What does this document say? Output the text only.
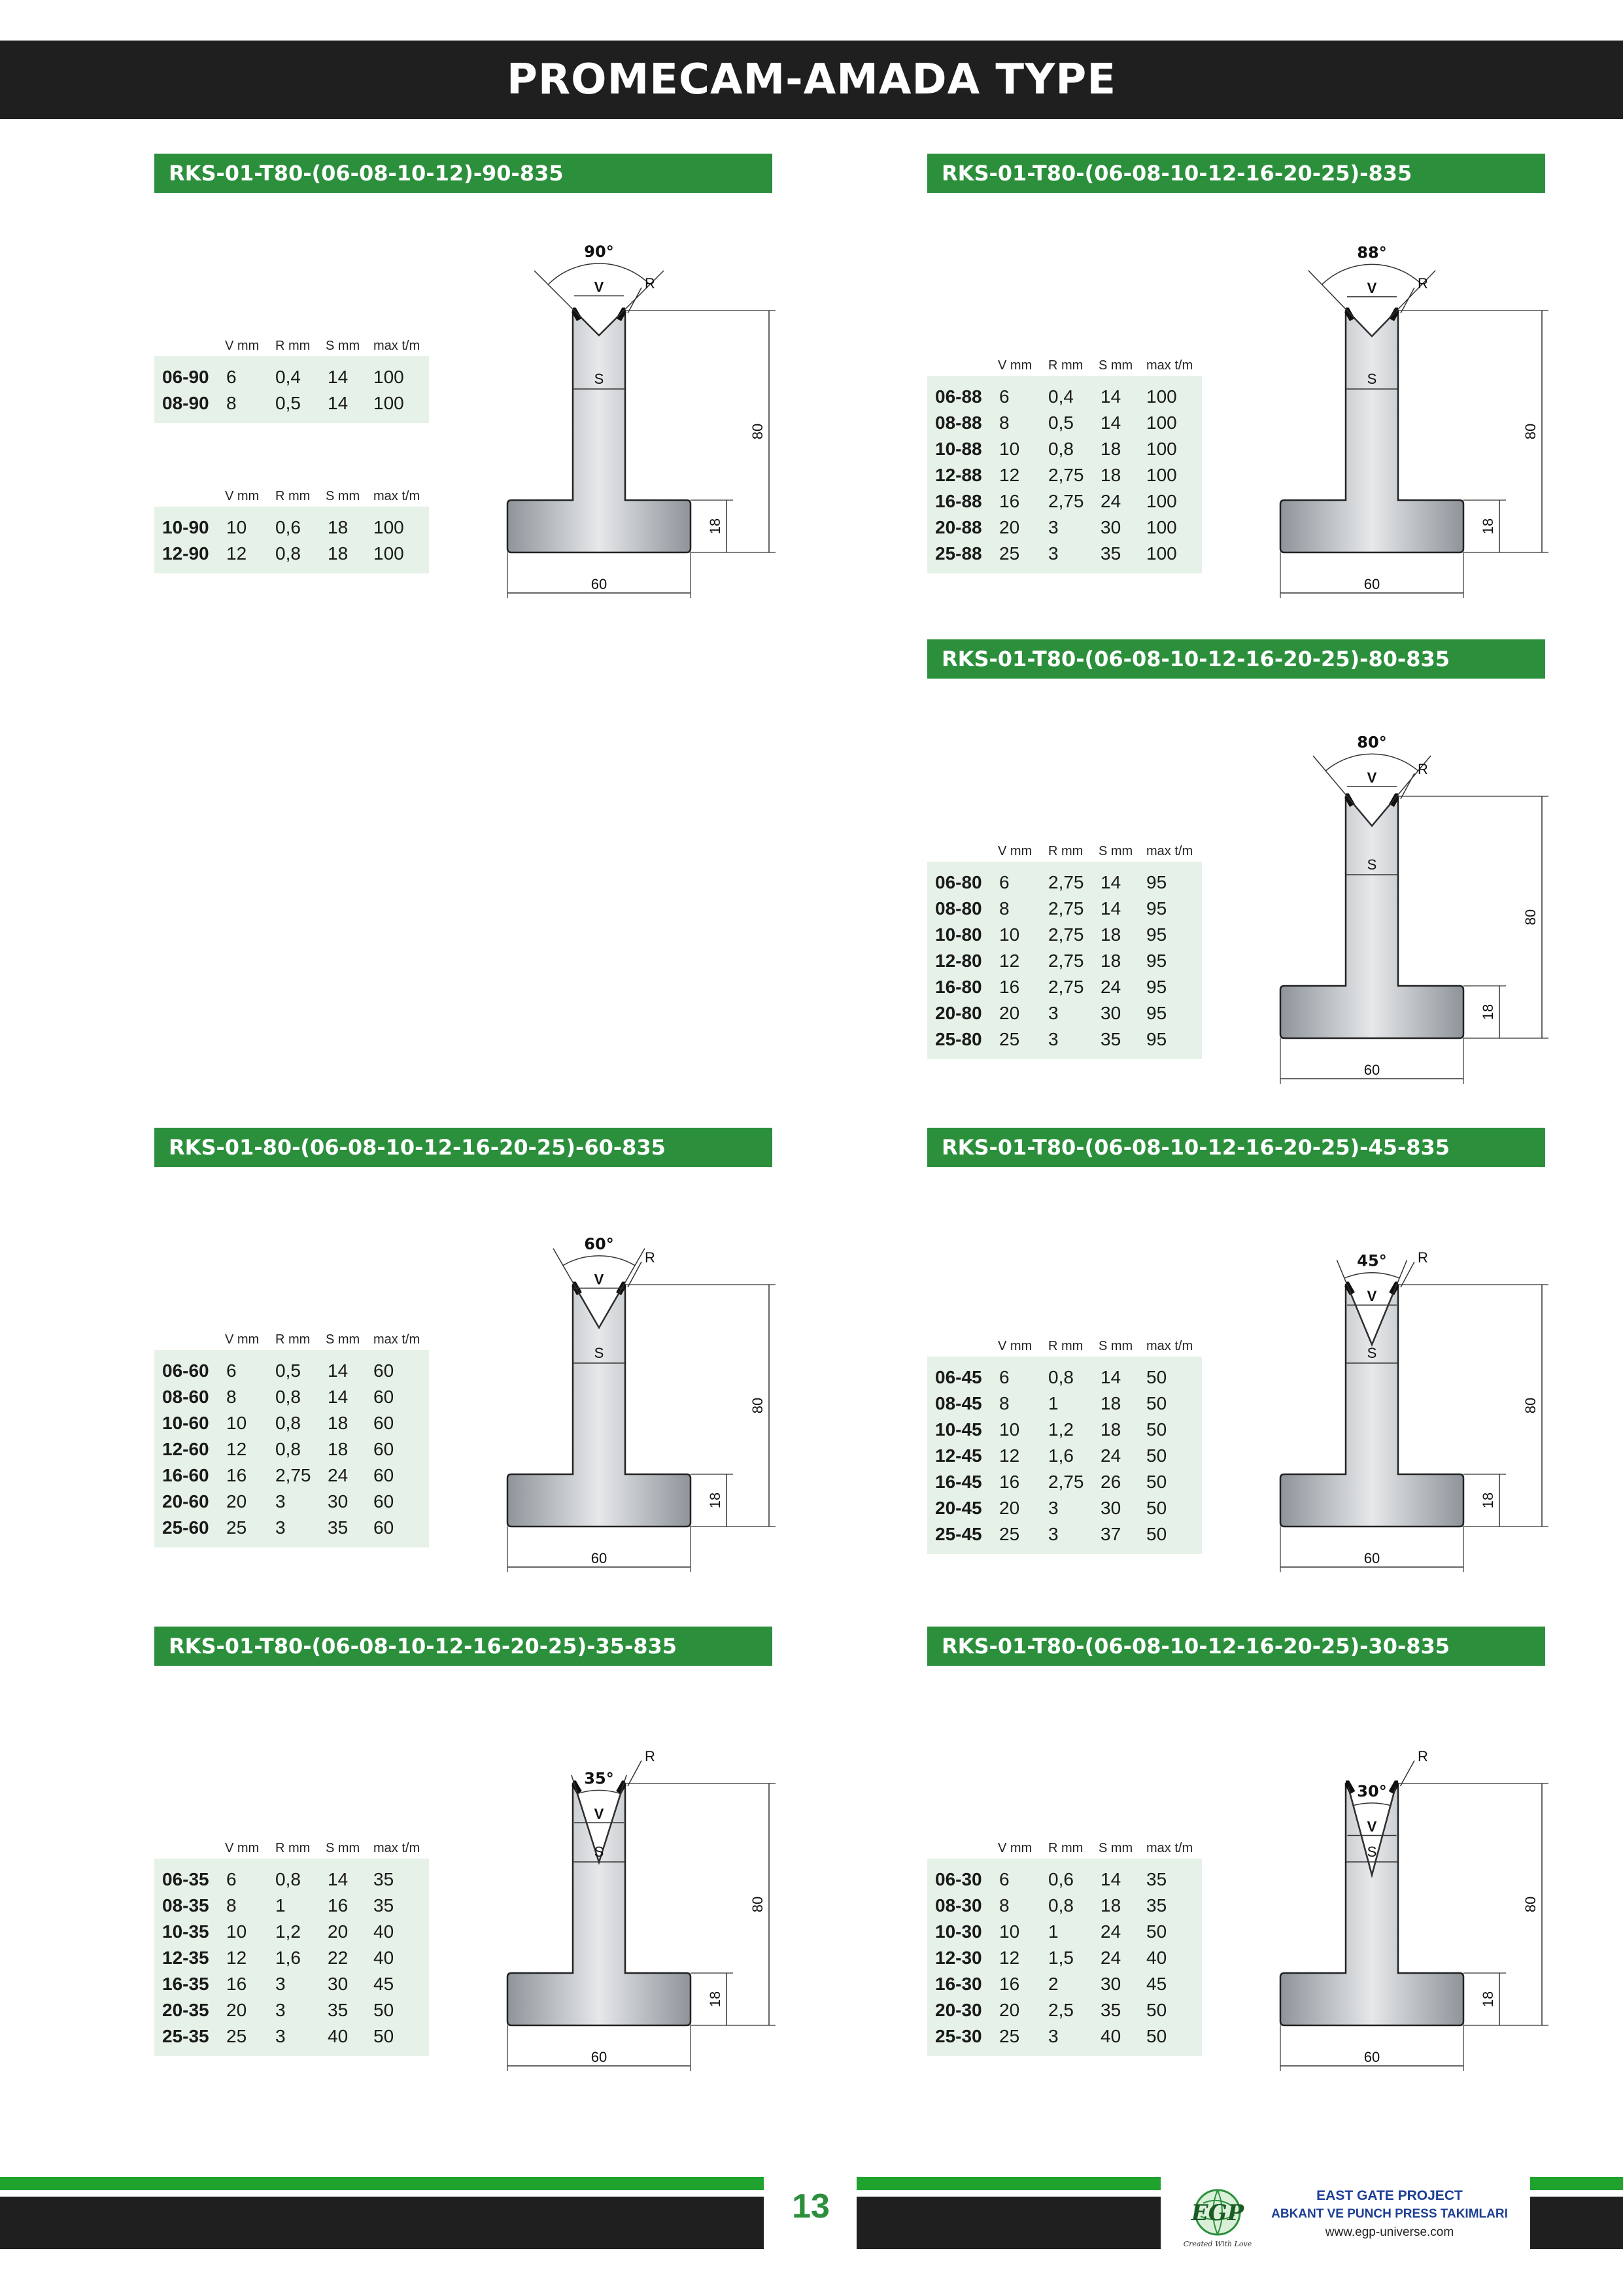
PROMECAM-AMADA TYPE
RKS-01-T80-(06-08-10-12)-90-835
V mm R mm S mm max t/m
06-90 6 0,4 14 100
08-90 8 0,5 14 100
V mm R mm S mm max t/m
10-90 10 0,6 18 100
12-90 12 0,8 18 100
90°
V	R
S
80
18
60
RKS-01-T80-(06-08-10-12-16-20-25)-835
V mm R mm S mm max t/m
06-88 6 0,4 14 100
08-88 8 0,5 14 100
10-88 10 0,8 18 100
12-88 12 2,75 18 100
16-88 16 2,75 24 100
20-88 20 3 30 100
25-88 25 3 35 100
88°
V	R
S
80
18
60
RKS-01-T80-(06-08-10-12-16-20-25)-80-835
V mm R mm S mm max t/m
06-80 6 2,75 14 95
08-80 8 2,75 14 95
10-80 10 2,75 18 95
12-80 12 2,75 18 95
16-80 16 2,75 24 95
20-80 20 3 30 95
25-80 25 3 35 95
80°
V
R
S
80
18
60
RKS-01-80-(06-08-10-12-16-20-25)-60-835
V mm R mm S mm max t/m
06-60 6 0,5 14 60
08-60 8 0,8 14 60
10-60 10 0,8 18 60
12-60 12 0,8 18 60
16-60 16 2,75 24 60
20-60 20 3 30 60
25-60 25 3 35 60
60°
V
R
S
80
18
60
RKS-01-T80-(06-08-10-12-16-20-25)-45-835
V mm R mm S mm max t/m
06-45 6 0,8 14 50
08-45 8 1 18 50
10-45 10 1,2 18 50
12-45 12 1,6 24 50
16-45 16 2,75 26 50
20-45 20 3 30 50
25-45 25 3 37 50
45°
V
R
S
80
18
60
RKS-01-T80-(06-08-10-12-16-20-25)-35-835
V mm R mm S mm max t/m
06-35 6 0,8 14 35
08-35 8 1 16 35
10-35 10 1,2 20 40
12-35 12 1,6 22 40
16-35 16 3 30 45
20-35 20 3 35 50
25-35 25 3 40 50
35°
V
R
S
80
18
60
RKS-01-T80-(06-08-10-12-16-20-25)-30-835
V mm R mm S mm max t/m
06-30 6 0,6 14 35
08-30 8 0,8 18 35
10-30 10 1 24 50
12-30 12 1,5 24 40
16-30 16 2 30 45
20-30 20 2,5 35 50
25-30 25 3 40 50
30°
V
R
S
80
18
60
13	EGP
Created With Love
EAST GATE PROJECT
ABKANT VE PUNCH PRESS TAKIMLARI
www.egp-universe.com
